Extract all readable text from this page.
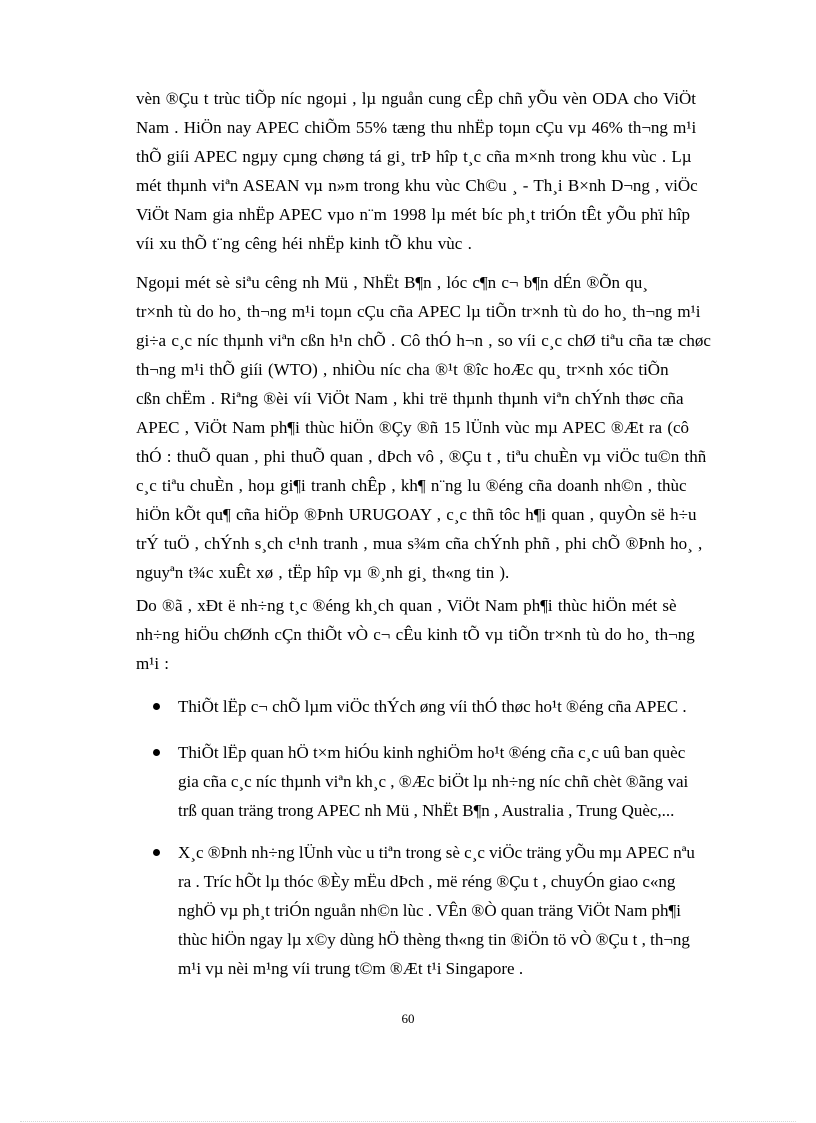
vèn ®Çu t trùc tiÕp níc ngoµi , lµ nguån cung cÊp chñ yÕu vèn ODA cho ViÖt
Nam . HiÖn nay APEC chiÕm 55% tæng thu nhËp toµn cÇu vµ 46% th¬ng m¹i
thÕ giíi APEC ngµy cµng chøng tá gi¸ trÞ hîp t¸c cña m×nh trong khu vùc . Lµ
mét thµnh viªn ASEAN vµ n»m trong khu vùc Ch©u ¸ - Th¸i B×nh D¬ng , viÖc
ViÖt Nam gia nhËp APEC vµo n¨m 1998 lµ mét bíc ph¸t triÓn tÊt yÕu phï hîp
víi xu thÕ t¨ng cêng héi nhËp kinh tÕ khu vùc .

Ngoµi mét sè siªu cêng nh Mü , NhËt B¶n , lóc c¶n c¬ b¶n dÉn ®Õn qu¸
tr×nh tù do ho¸ th¬ng m¹i toµn cÇu cña APEC lµ tiÕn tr×nh tù do ho¸ th¬ng m¹i
gi÷a c¸c níc thµnh viªn cßn h¹n chÕ . Cô thÓ h¬n , so víi c¸c chØ tiªu cña tæ chøc
th¬ng m¹i thÕ giíi (WTO) , nhiÒu níc cha ®¹t ®îc hoÆc qu¸ tr×nh xóc tiÕn
cßn chËm . Riªng ®èi víi ViÖt Nam , khi trë thµnh thµnh viªn chÝnh thøc cña
APEC , ViÖt Nam ph¶i thùc hiÖn ®Çy ®ñ 15 lÜnh vùc mµ APEC ®Æt ra (cô
thÓ : thuÕ quan , phi thuÕ quan , dÞch vô , ®Çu t , tiªu chuÈn vµ viÖc tu©n thñ
c¸c tiªu chuÈn , hoµ gi¶i tranh chÊp , kh¶ n¨ng lu ®éng cña doanh nh©n , thùc
hiÖn kÕt qu¶ cña hiÖp ®Þnh URUGOAY , c¸c thñ tôc h¶i quan , quyÒn së h÷u
trÝ tuÖ , chÝnh s¸ch c¹nh tranh , mua s¾m cña chÝnh phñ , phi chÕ ®Þnh ho¸ ,
nguyªn t¾c xuÊt xø , tËp hîp vµ ®¸nh gi¸ th«ng tin ).

Do ®ã , xÐt ë nh÷ng t¸c ®éng kh¸ch quan , ViÖt Nam ph¶i thùc hiÖn mét sè
nh÷ng hiÖu chØnh cÇn thiÕt vÒ c¬ cÊu kinh tÕ vµ tiÕn tr×nh tù do ho¸ th¬ng
m¹i :

ThiÕt lËp c¬ chÕ lµm viÖc thÝch øng víi thÓ thøc ho¹t ®éng cña APEC .
ThiÕt lËp quan hÖ t×m hiÓu kinh nghiÖm ho¹t ®éng cña c¸c uû ban quèc
gia cña c¸c níc thµnh viªn kh¸c , ®Æc biÖt lµ nh÷ng níc chñ chèt ®ãng vai
trß quan träng trong APEC nh Mü , NhËt B¶n , Australia , Trung Quèc,...
X¸c ®Þnh nh÷ng lÜnh vùc u tiªn trong sè c¸c viÖc träng yÕu mµ APEC nªu
ra . Tríc hÕt lµ thóc ®Èy mËu dÞch , më réng ®Çu t , chuyÓn giao c«ng
nghÖ vµ ph¸t triÓn nguån nh©n lùc . VÊn ®Ò quan träng ViÖt Nam ph¶i
thùc hiÖn ngay lµ x©y dùng hÖ thèng th«ng tin ®iÖn tö vÒ ®Çu t , th¬ng
m¹i vµ nèi m¹ng víi trung t©m ®Æt t¹i Singapore .
60
